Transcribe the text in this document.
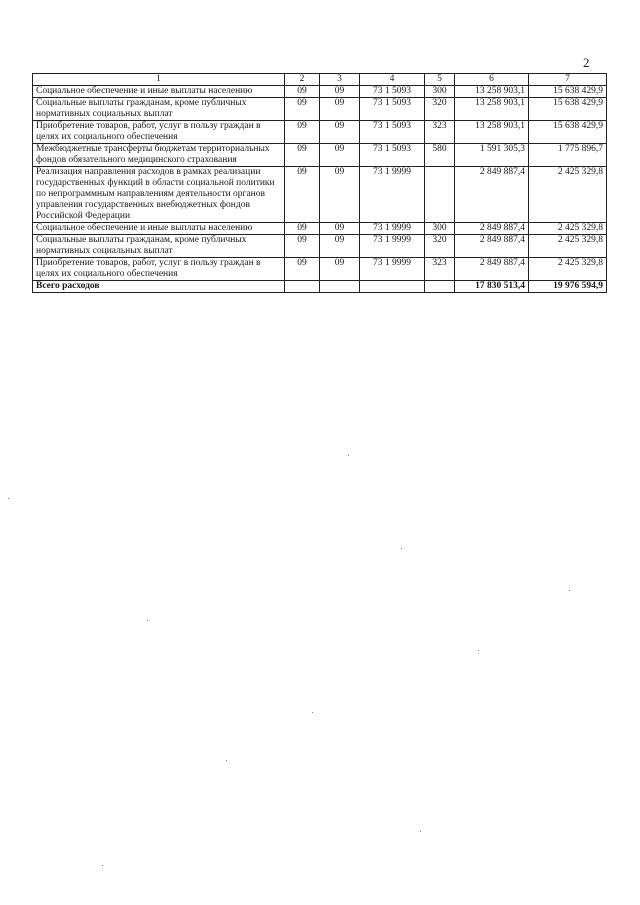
2
1	2	3	4	5	6	7
Социальное обеспечение и иные выплаты населению	09	09	73 1 5093	300	13 258 903,1	15 638 429,9
Социальные выплаты гражданам, кроме публичных нормативных социальных выплат	09	09	73 1 5093	320	13 258 903,1	15 638 429,9
Приобретение товаров, работ, услуг в пользу граждан в целях их социального обеспечения	09	09	73 1 5093	323	13 258 903,1	15 638 429,9
Межбюджетные трансферты бюджетам территориальных фондов обязательного медицинского страхования	09	09	73 1 5093	580	1 591 305,3	1 775 896,7
Реализация направления расходов в рамках реализации государственных функций в области социальной политики по непрограммным направлениям деятельности органов управления государственных внебюджетных фондов Российской Федерации	09	09	73 1 9999		2 849 887,4	2 425 329,8
Социальное обеспечение и иные выплаты населению	09	09	73 1 9999	300	2 849 887,4	2 425 329,8
Социальные выплаты гражданам, кроме публичных нормативных социальных выплат	09	09	73 1 9999	320	2 849 887,4	2 425 329,8
Приобретение товаров, работ, услуг в пользу граждан в целях их социального обеспечения	09	09	73 1 9999	323	2 849 887,4	2 425 329,8
Всего расходов					17 830 513,4	19 976 594,9
